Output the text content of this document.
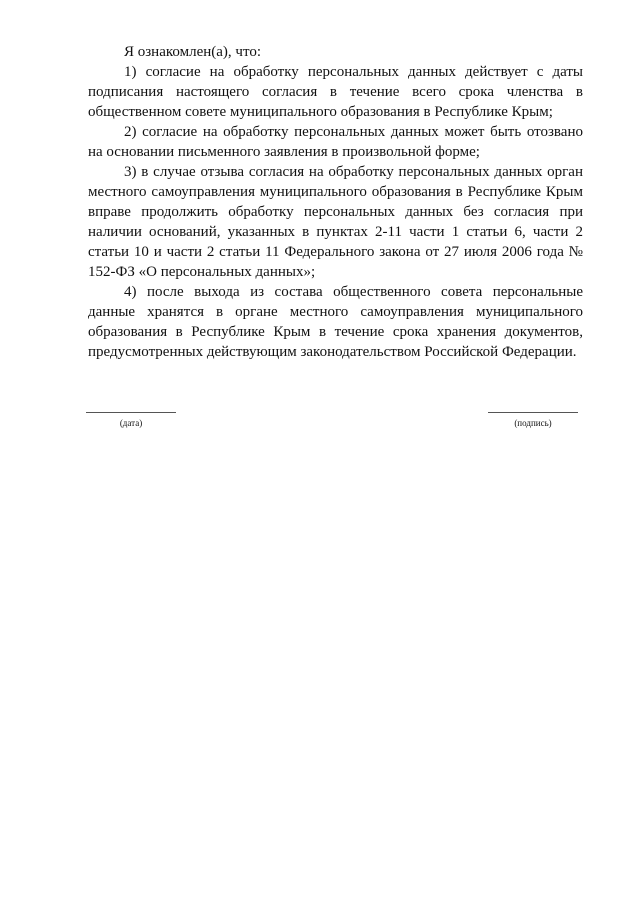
Я ознакомлен(а), что:

1) согласие на обработку персональных данных действует с даты подписания настоящего согласия в течение всего срока членства в общественном совете муниципального образования в Республике Крым;

2) согласие на обработку персональных данных может быть отозвано на основании письменного заявления в произвольной форме;

3) в случае отзыва согласия на обработку персональных данных орган местного самоуправления муниципального образования в Республике Крым вправе продолжить обработку персональных данных без согласия при наличии оснований, указанных в пунктах 2-11 части 1 статьи 6, части 2 статьи 10 и части 2 статьи 11 Федерального закона от 27 июля 2006 года № 152-ФЗ «О персональных данных»;

4) после выхода из состава общественного совета персональные данные хранятся в органе местного самоуправления муниципального образования в Республике Крым в течение срока хранения документов, предусмотренных действующим законодательством Российской Федерации.

(дата)	(подпись)
